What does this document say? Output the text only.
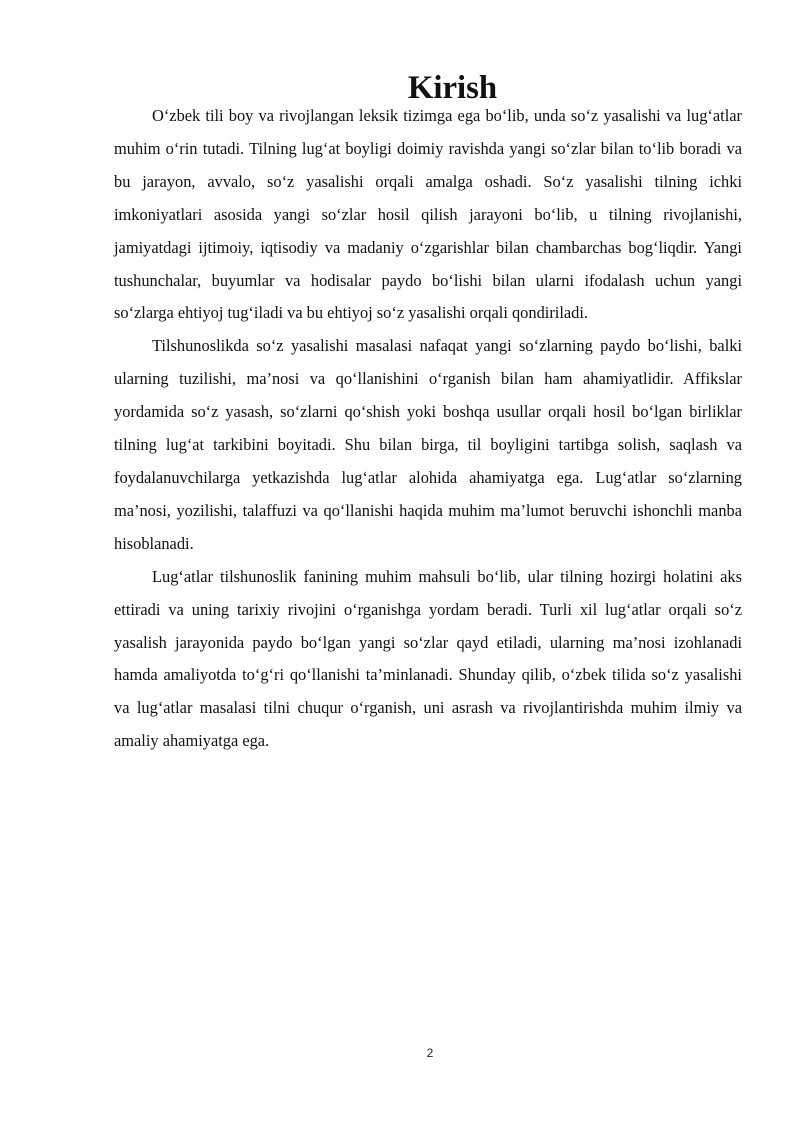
Kirish

O‘zbek tili boy va rivojlangan leksik tizimga ega bo‘lib, unda so‘z yasalishi va lug‘atlar muhim o‘rin tutadi. Tilning lug‘at boyligi doimiy ravishda yangi so‘zlar bilan to‘lib boradi va bu jarayon, avvalo, so‘z yasalishi orqali amalga oshadi. So‘z yasalishi tilning ichki imkoniyatlari asosida yangi so‘zlar hosil qilish jarayoni bo‘lib, u tilning rivojlanishi, jamiyatdagi ijtimoiy, iqtisodiy va madaniy o‘zgarishlar bilan chambarchas bog‘liqdir. Yangi tushunchalar, buyumlar va hodisalar paydo bo‘lishi bilan ularni ifodalash uchun yangi so‘zlarga ehtiyoj tug‘iladi va bu ehtiyoj so‘z yasalishi orqali qondiriladi.

Tilshunoslikda so‘z yasalishi masalasi nafaqat yangi so‘zlarning paydo bo‘lishi, balki ularning tuzilishi, ma’nosi va qo‘llanishini o‘rganish bilan ham ahamiyatlidir. Affikslar yordamida so‘z yasash, so‘zlarni qo‘shish yoki boshqa usullar orqali hosil bo‘lgan birliklar tilning lug‘at tarkibini boyitadi. Shu bilan birga, til boyligini tartibga solish, saqlash va foydalanuvchilarga yetkazishda lug‘atlar alohida ahamiyatga ega. Lug‘atlar so‘zlarning ma’nosi, yozilishi, talaffuzi va qo‘llanishi haqida muhim ma’lumot beruvchi ishonchli manba hisoblanadi.

Lug‘atlar tilshunoslik fanining muhim mahsuli bo‘lib, ular tilning hozirgi holatini aks ettiradi va uning tarixiy rivojini o‘rganishga yordam beradi. Turli xil lug‘atlar orqali so‘z yasalish jarayonida paydo bo‘lgan yangi so‘zlar qayd etiladi, ularning ma’nosi izohlanadi hamda amaliyotda to‘g‘ri qo‘llanishi ta’minlanadi. Shunday qilib, o‘zbek tilida so‘z yasalishi va lug‘atlar masalasi tilni chuqur o‘rganish, uni asrash va rivojlantirishda muhim ilmiy va amaliy ahamiyatga ega.

2
